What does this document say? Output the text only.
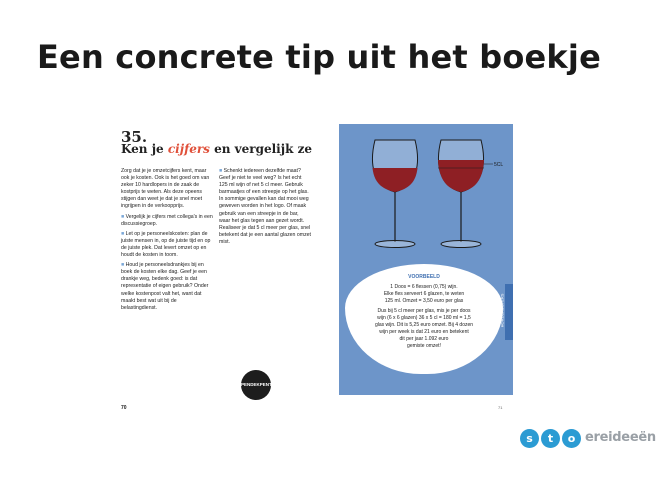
Een concrete tip uit het boekje
35.
Ken je cijfers en vergelijk ze

Zorg dat je je omzetcijfers kent, maar ook je kosten. Ook is het goed om van zeker 10 hardlopers in de zaak de kostprijs te weten. Als deze opeens stijgen dan weet je dat je snel moet ingrijpen in de verkoopprijs.

■ Vergelijk je cijfers met collega's in een discussiegroep.

■ Let op je personeelskosten: plan de juiste mensen in, op de juiste tijd en op de juiste plek. Dat levert omzet op en houdt de kosten in toom.

■ Houd je personeelsdrankjes bij en boek de kosten elke dag. Geef je een drankje weg, bedenk goed: is dat representatie of eigen gebruik? Onder welke kostenpost valt het, want dat maakt best wat uit bij de belastingdienst.

■ Schenkt iedereen dezelfde maat? Geef je niet te veel weg? Is het echt 125 ml wijn of net 5 cl meer. Gebruik barmaatjes of een streepje op het glas. In sommige gevallen kan dat mooi weg geweven worden in het logo. Of maak gebruik van een streepje in de bar, waar het glas tegen aan gezet wordt. Realiseer je dat 5 cl meer per glas, snel betekent dat je een aantal glazen omzet mist.

PENDEKPENT
70
5CL

VOORBEELD

1 Doos = 6 flessen (0,75) wijn.
Elke fles serveert 6 glazen, te weten
125 ml. Omzet = 3,50 euro per glas

Dus bij 5 cl meer per glas, mis je per doos
wijn (6 x 6 glazen) 36 x 5 cl = 180 ml = 1,5
glas wijn. Dit is 5,25 euro omzet. Bij 4 dozen
wijn per week is dat 21 euro en betekent
dit per jaar 1.092 euro
gemiste omzet!

HORECACIJFERS
71
s	t	o ereideeën
